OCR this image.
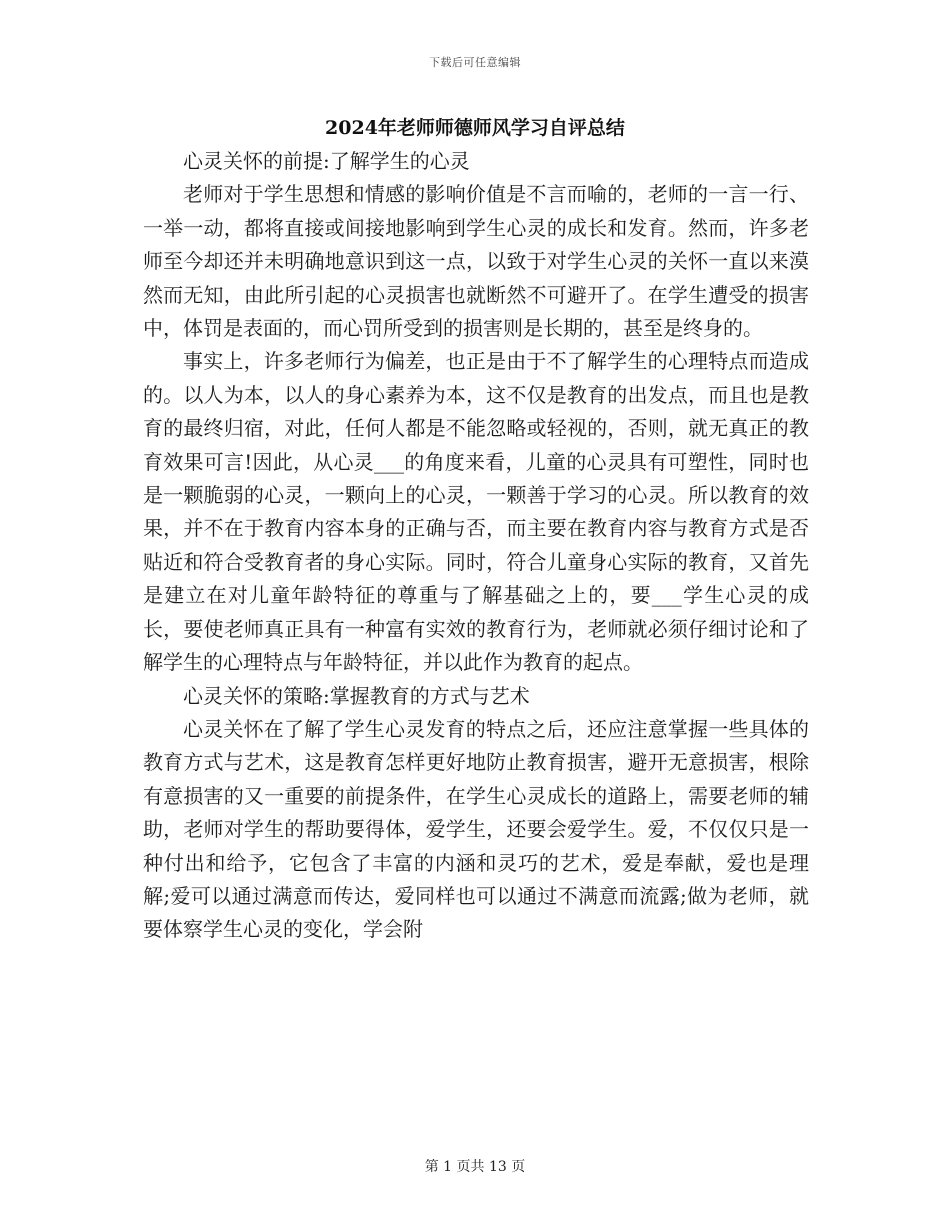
下载后可任意编辑
2024年老师师德师风学习自评总结

心灵关怀的前提:了解学生的心灵

老师对于学生思想和情感的影响价值是不言而喻的，老师的一言一行、一举一动，都将直接或间接地影响到学生心灵的成长和发育。然而，许多老师至今却还并未明确地意识到这一点，以致于对学生心灵的关怀一直以来漠然而无知，由此所引起的心灵损害也就断然不可避开了。在学生遭受的损害中，体罚是表面的，而心罚所受到的损害则是长期的，甚至是终身的。

事实上，许多老师行为偏差，也正是由于不了解学生的心理特点而造成的。以人为本，以人的身心素养为本，这不仅是教育的出发点，而且也是教育的最终归宿，对此，任何人都是不能忽略或轻视的，否则，就无真正的教育效果可言!因此，从心灵___的角度来看，儿童的心灵具有可塑性，同时也是一颗脆弱的心灵，一颗向上的心灵，一颗善于学习的心灵。所以教育的效果，并不在于教育内容本身的正确与否，而主要在教育内容与教育方式是否贴近和符合受教育者的身心实际。同时，符合儿童身心实际的教育，又首先是建立在对儿童年龄特征的尊重与了解基础之上的，要___学生心灵的成长，要使老师真正具有一种富有实效的教育行为，老师就必须仔细讨论和了解学生的心理特点与年龄特征，并以此作为教育的起点。

心灵关怀的策略:掌握教育的方式与艺术

心灵关怀在了解了学生心灵发育的特点之后，还应注意掌握一些具体的教育方式与艺术，这是教育怎样更好地防止教育损害，避开无意损害，根除有意损害的又一重要的前提条件，在学生心灵成长的道路上，需要老师的辅助，老师对学生的帮助要得体，爱学生，还要会爱学生。爱，不仅仅只是一种付出和给予，它包含了丰富的内涵和灵巧的艺术，爱是奉献，爱也是理解;爱可以通过满意而传达，爱同样也可以通过不满意而流露;做为老师，就要体察学生心灵的变化，学会附

第 1 页共 13 页
